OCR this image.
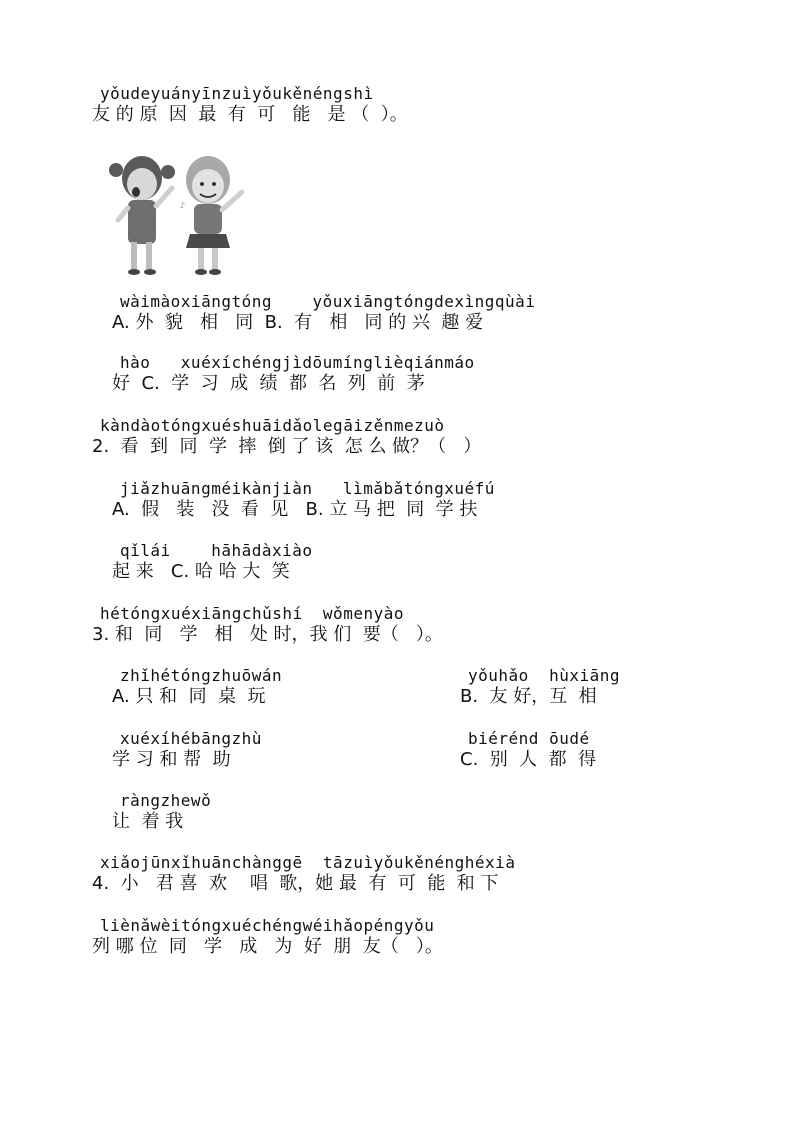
yǒudeyuányīnzuìyǒukěnéngshì
友 的 原  因  最  有  可   能   是 （  ）。
wàimàoxiāngtóng    yǒuxiāngtóngdexìngqùài
A. 外  貌   相   同  B.  有   相   同 的 兴  趣 爱
hào   xuéxíchéngjìdōumínglièqiánmáo
好  C.  学  习  成  绩  都  名  列  前  茅
kàndàotóngxuéshuāidǎolegāizěnmezuò
2.  看  到  同  学  摔  倒 了 该  怎 么 做？（   ）
jiǎzhuāngméikànjiàn   lìmǎbǎtóngxuéfú
A.  假   装   没  看  见   B. 立 马 把  同  学 扶
qǐlái    hāhādàxiào
起 来   C. 哈 哈 大  笑
hétóngxuéxiāngchǔshí  wǒmenyào
3. 和  同   学   相   处 时，我 们  要（   ）。
zhǐhétóngzhuōwán
A. 只 和  同  桌  玩
yǒuhǎo  hùxiāng
B.  友 好，互  相
xuéxíhébāngzhù
学 习 和 帮  助
biérénd ōudé
C.  别  人  都  得
ràngzhewǒ
让  着 我
xiǎojūnxǐhuānchànggē  tāzuìyǒukěnénghéxià
4.  小   君 喜  欢    唱  歌，她 最  有  可  能  和 下
liènǎwèitóngxuéchéngwéihǎopéngyǒu
列 哪 位  同   学   成   为  好  朋  友（   ）。
♪
